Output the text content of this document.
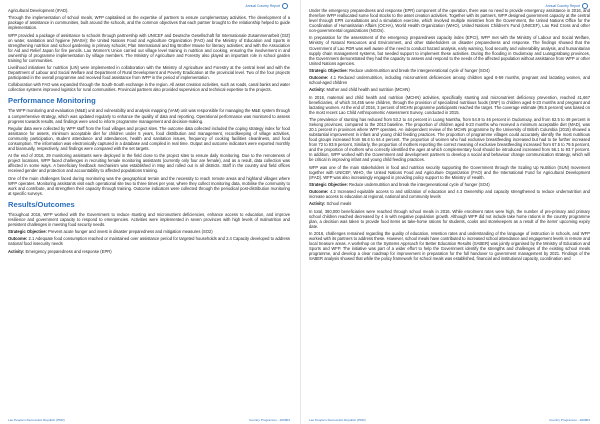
Annual Country Report

Agricultural Development (IFAD).

Through the implementation of school meals, WFP capitalised on the expertise of partners to ensure complementary activities. The development of a package of assistance in communities, built around the schools, and the common objectives that each partner brought to the relationship helped to guide implementation.

WFP provided a package of assistance to schools through partnership with UNICEF and Deutsche Gesellschaft für Internationale Zusammenarbeit (GIZ) on water, sanitation and hygiene (WASH); the United Nations Food and Agriculture Organization (FAO) and the Ministry of Education and Sports in strengthening nutrition and school gardening in primary schools; Plan International and Big Brother Mouse for literacy activities; and with the Association for Aid and Relief Japan for fire pencils. Lao Women's Union carried out village level training in nutrition and cooking, ensuring the involvement in and ownership of programme implementation by village members. The Ministry of Agriculture and Forestry also played an important role in school garden training for communities.

Livelihood initiatives for nutrition (LIN) were implemented in collaboration with the Ministry of Agriculture and Forestry at the central level and with the Department of Labour and Social Welfare and Department of Rural Development and Poverty Eradication at the provincial level. Two of the four projects participated in the overall programme and received food assistance from WFP in the period of implementation.

Collaboration with FAO was expanded through the South-South exchange in the region. All asset creation activities, such as roads, canal banks and water collection systems improved logistics for rural communities. Provincial partners also provided supervision and technical expertise to the projects.

Performance Monitoring

The WFP monitoring and evaluation (M&E) unit and vulnerability and analysis mapping (VAM) unit was responsible for managing the M&E system through a comprehensive strategy, which was updated regularly to enhance the quality of data and reporting. Operational performance was monitored to assess progress towards results, and findings were used to inform programme management and decision-making.

Regular data were collected by WFP staff from the food villages and project sites. The outcome data collected included the coping strategy index for food assistance for assets, minimum acceptable diet for children under 5 years, food distribution and management, recordkeeping of village activities, community participation, student attendance and attendances, health and sanitation issues, frequency of cooking facilities cleanliness, and food consumption. The information was electronically captured in a database and compiled in real time. Output and outcome indicators were exported monthly and biannually, respectively, and findings were compared with the set targets.

At the end of 2016, 29 monitoring assistants were deployed in the field close to the project sites to ensure daily monitoring. Due to the remoteness of project locations, WFP faced challenges in recruiting female monitoring assistants (currently only four are female), and as a result, data collection was affected in some ways. A beneficiary feedback mechanism was established in May and rolled out in all districts. Staff in the country and field offices received gender and protection and accountability to affected populations training.

One of the main challenges faced during monitoring was the geographical terrain and the necessity to reach remote areas and highland villages where WFP operates. Monitoring assistants visit each operational site two to three times per year, where they collect monitoring data, mobilise the community to work and contribute, and strengthen their capacity through training. Outcome indicators were collected through the periodical post-distribution monitoring at specific surveys.

Results/Outcomes

Throughout 2016, WFP worked with the Government to reduce stunting and micronutrient deficiencies, enhance access to education, and improve resilience and government capacity to respond to emergencies. Activities were implemented in seven provinces with high levels of malnutrition and persistent challenges in meeting food security needs.

Strategic Objective: Prevent acute hunger and invest in disaster preparedness and mitigation measures (SO2)

Outcome: 2.1 Adequate food consumption reached or maintained over assistance period for targeted households and 2.4 Capacity developed to address national food insecurity needs

Activity: Emergency preparedness and response (EPR)

Lao People's Democratic Republic (PDR)	Country Programme - 200803
Annual Country Report

Under the emergency preparedness and response (EPR) component of the operation, there was no need to provide emergency assistance in 2016, and therefore WFP reallocated some food stocks to the asset creation activities. Together with its partners, WFP designed government capacity at the central level through EPR consultations and a simulation exercise, which involved multiple ministries from the Government, the United Nations Office for the Coordination of Humanitarian Affairs (OCHA), World Health Organization (WHO), United Nations Children's Fund (UNICEF), Lao Red Cross and other non-governmental organizations (NGOs).

In preparation for the assessment of the emergency preparedness capacity index (EPCI), WFP met with the Ministry of Labour and Social Welfare, Ministry of Natural Resources and Environment, and other stakeholders on disaster preparedness and response. The findings showed that the Government of Lao PDR was well aware of the need to conduct hazard analysis, early warning, food security and vulnerability analysis, and humanitarian supply chain management systems, but needed support to implement these activities. During the flooding in Oudomxay and Luangprabang provinces, the Government demonstrated they had the capacity to assess and respond to the needs of the affected population without assistance from WFP or other United Nations agencies.

Strategic Objective: Reduce undernutrition and break the intergenerational cycle of hunger (SO4)

Outcome: 4.1 Reduced undernutrition, including micronutrient deficiencies among children aged 6-59 months, pregnant and lactating women, and school-aged children

Activity: Mother and child health and nutrition (MCHN)

In 2016, maternal and child health and nutrition (MCHN) activities, specifically stunting and micronutrient deficiency prevention, reached 41,667 beneficiaries, of which 34,455 were children, through the provision of specialized nutritious foods (SNF) to children aged 6-23 months and pregnant and lactating women. At the end of 2016, 3 percent of MCHN programme participants reached the target. The coverage estimate (95.5 percent) was based on the most recent Lao Child Anthropometric Assessment Survey, conducted in 2015.

The prevalence of stunting has reduced from 53.2 to 44 percent in Luang Namtha, from 54.9 to 46 percent in Oudomxay, and from 62.5 to 49 percent in Sekong provinces, compared to the 2013 baseline. The proportion of children aged 6-23 months who received a minimum acceptable diet (MAD), was 20.1 percent in provinces where WFP operates. An independent review of the MCHN programme by the University of British Columbia (2015) showed a substantial improvement in infant and young child feeding practices. The proportion of programme villages could accurately identify the most nutritious food groups increased from 56.6 to 64.4 percent. The proportion of women who had exclusive breastfeeding increased but had to be further increased from 72 to 93.9 percent, Similarly, the proportion of mothers reporting the correct meaning of exclusive breastfeeding increased from 67.5 to 79.5 percent, and the proportion of mothers who correctly identified the ages at which complementary food should be introduced increased from 56.1 to 83.7 percent. In addition, WFP worked with the Government and development partners to develop a social and behaviour change communication strategy, which will be critical in improving infant and young child feeding practices.

WFP was one of the main stakeholders in food and nutrition security supporting the Government through the Scaling Up Nutrition (SUN) movement together with UNICEF, WHO, the United Nations Food and Agriculture Organization (FAO) and the International Fund for Agricultural Development (IFAD). WFP was also increasingly engaged in providing policy support to the Ministry of Health.

Strategic Objective: Reduce undernutrition and break the intergenerational cycle of hunger (SO4)

Outcome: 4.2 Increased equitable access to and utilization of education and 4.3 Ownership and capacity strengthened to reduce undernutrition and increase access to education at regional, national and community levels

Activity: School meals

In total, 360,000 beneficiaries were reached through school meals in 2016. While enrolment rates were high, the number of pre-primary and primary school children reached decreased by 4 in with negative population growth. Although WFP did not include take home rations in the country programme plan, a decision was taken to provide food items as take-home rations for students, cooks and storekeepers as a result of the items' upcoming expiry date.

In 2016, challenges remained regarding the quality of education, retention rates and understanding of the language of instruction in schools, and WFP worked with its partners to address these. However, school meals have contributed to increased school attendance and engagement levels in remote and local treasure areas. A workshop on the Systems Approach for Better Education Results (SABER) was jointly organised by the Ministry of Education and Sports and WFP. The initiative was part of a wider effort to help the Government identify the strengths and challenges of the existing school meals programme, and develop a clear roadmap for improvement in preparation for the full handover to government management by 2021. Findings of the SABER analysis showed that while the policy framework for school meals was established, financial and institutional capacity, coordination and

Lao People's Democratic Republic (PDR)	Country Programme - 200803
